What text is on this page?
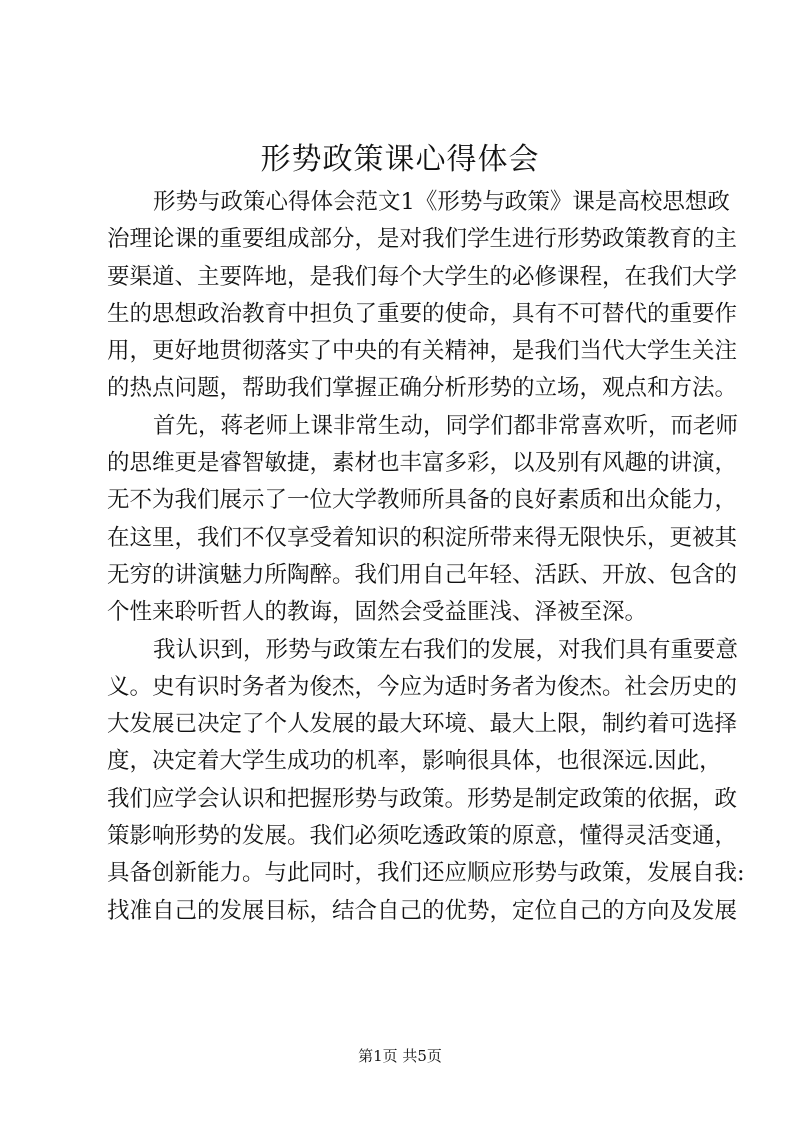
形势政策课心得体会
形势与政策心得体会范文1《形势与政策》课是高校思想政
治理论课的重要组成部分，是对我们学生进行形势政策教育的主
要渠道、主要阵地，是我们每个大学生的必修课程，在我们大学
生的思想政治教育中担负了重要的使命，具有不可替代的重要作
用，更好地贯彻落实了中央的有关精神，是我们当代大学生关注
的热点问题，帮助我们掌握正确分析形势的立场，观点和方法。
首先，蒋老师上课非常生动，同学们都非常喜欢听，而老师
的思维更是睿智敏捷，素材也丰富多彩，以及别有风趣的讲演，
无不为我们展示了一位大学教师所具备的良好素质和出众能力，
在这里，我们不仅享受着知识的积淀所带来得无限快乐，更被其
无穷的讲演魅力所陶醉。我们用自己年轻、活跃、开放、包含的
个性来聆听哲人的教诲，固然会受益匪浅、泽被至深。
我认识到，形势与政策左右我们的发展，对我们具有重要意
义。史有识时务者为俊杰，今应为适时务者为俊杰。社会历史的
大发展已决定了个人发展的最大环境、最大上限，制约着可选择
度，决定着大学生成功的机率，影响很具体，也很深远.因此，
我们应学会认识和把握形势与政策。形势是制定政策的依据，政
策影响形势的发展。我们必须吃透政策的原意，懂得灵活变通，
具备创新能力。与此同时，我们还应顺应形势与政策，发展自我:
找准自己的发展目标，结合自己的优势，定位自己的方向及发展
第1页 共5页
